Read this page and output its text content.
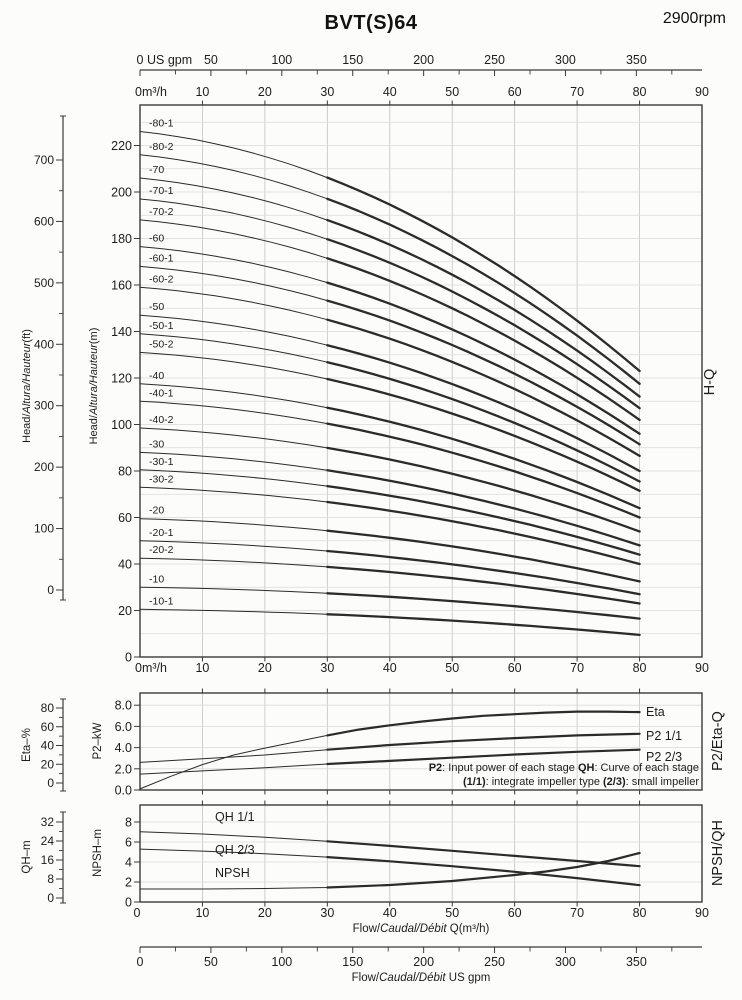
BVT(S)64	2900rpm
50	100	150	200	250	300	350
0 US gpm
0m³/h 10	20	30	40	50	60	70	80	90
0
20
40
60
80
100
120
140
160
180
200
220
-80-1
-80-2
-70
-70-1
-70-2
-60
-60-1
-60-2
-50
-50-1
-50-2
-40
-40-1
-40-2
-30
-30-1
-30-2
-20
-20-1
-20-2
-10
-10-1
0m³/h 10	20	30	40	50	60	70	80	90
0
100
200
300
400
500
600
700
Head/Altura/Hauteur(ft)
Head/Altura/Hauteur(m)
H-Q
0.0
2.0
4.0
6.0
8.0	Eta
P2 1/1
P2 2/3
P2: Input power of each stage QH: Curve of each stage
(1/1): integrate impeller type (2/3): small impeller
0
20
40
60
80
Eta–%	P2–kW	P2/Eta-Q
0
2
4
6
8	QH 1/1
QH 2/3
NPSH
0	10	20	30	40	50	60	70	80	90
Flow/Caudal/Débit Q(m³/h)
0
8
16
24
32
QH–m	NPSH–m	NPSH/QH
0	50	100	150	200	250	300	350
Flow/Caudal/Débit US gpm
